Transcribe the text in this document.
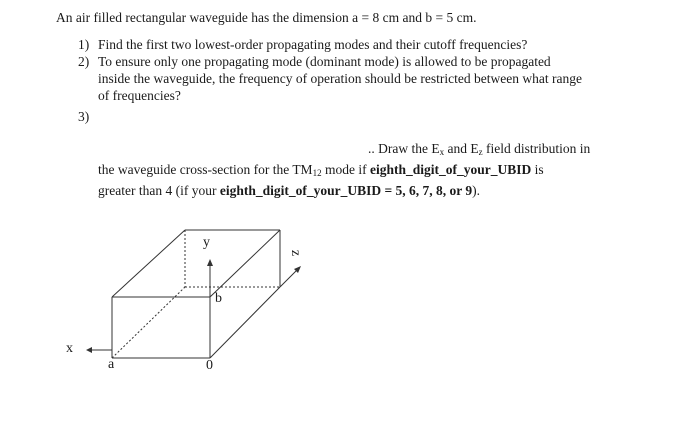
An air filled rectangular waveguide has the dimension a = 8 cm and b = 5 cm.
1) Find the first two lowest-order propagating modes and their cutoff frequencies?
2) To ensure only one propagating mode (dominant mode) is allowed to be propagated
inside the waveguide, the frequency of operation should be restricted between what range
of frequencies?
3)
.. Draw the $E_x$ and $E_z$ field distribution in
the waveguide cross-section for the $TM_{12}$ mode if eighth_digit_of_your_UBID is
greater than 4 (if your eighth_digit_of_your_UBID = 5, 6, 7, 8, or 9).
y
z
b
x
a	0
